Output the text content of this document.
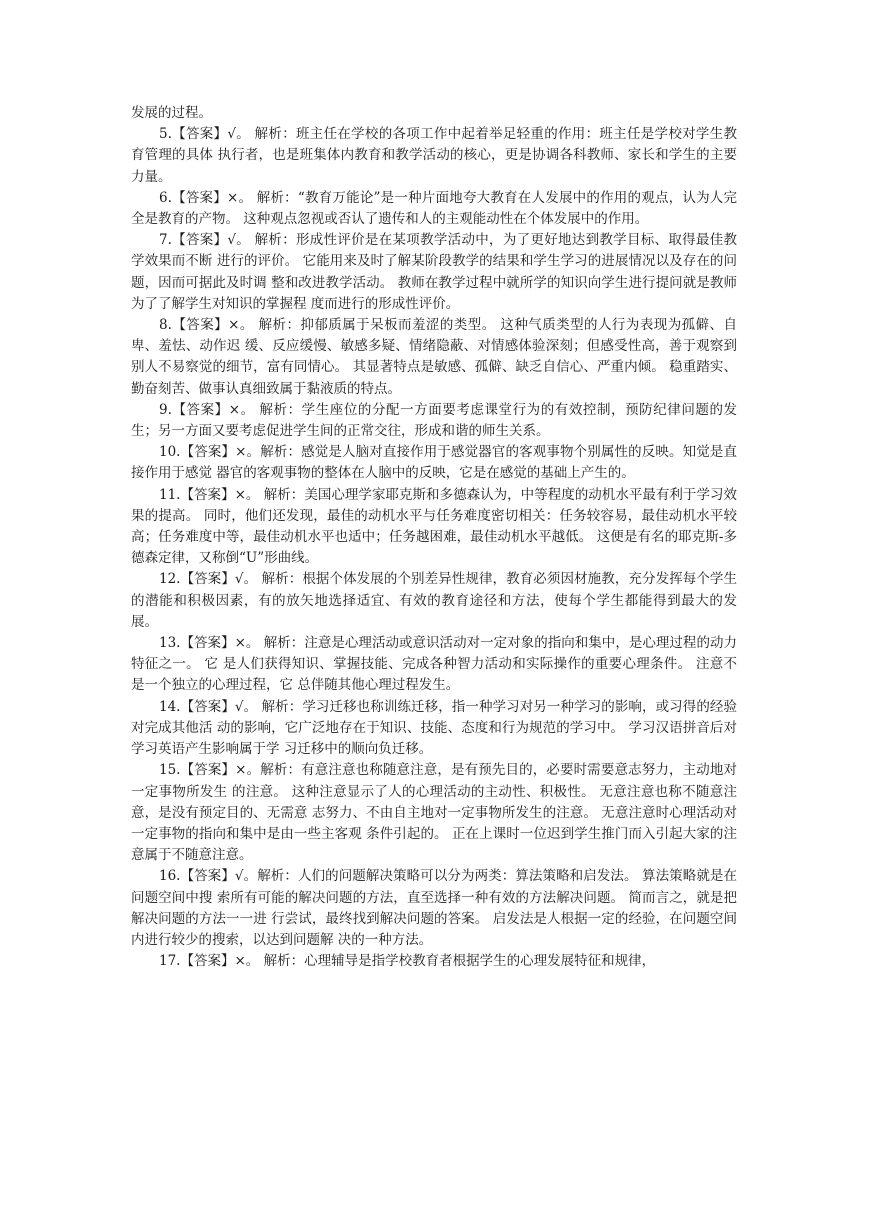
发展的过程。

5.【答案】√。 解析：班主任在学校的各项工作中起着举足轻重的作用：班主任是学校对学生教育管理的具体 执行者，也是班集体内教育和教学活动的核心，更是协调各科教师、家长和学生的主要力量。

6.【答案】×。 解析：“教育万能论”是一种片面地夸大教育在人发展中的作用的观点，认为人完全是教育的产物。 这种观点忽视或否认了遗传和人的主观能动性在个体发展中的作用。

7.【答案】√。 解析：形成性评价是在某项教学活动中，为了更好地达到教学目标、取得最佳教学效果而不断 进行的评价。 它能用来及时了解某阶段教学的结果和学生学习的进展情况以及存在的问题，因而可据此及时调 整和改进教学活动。 教师在教学过程中就所学的知识向学生进行提问就是教师为了了解学生对知识的掌握程 度而进行的形成性评价。

8.【答案】×。 解析：抑郁质属于呆板而羞涩的类型。 这种气质类型的人行为表现为孤僻、自卑、羞怯、动作迟 缓、反应缓慢、敏感多疑、情绪隐蔽、对情感体验深刻；但感受性高，善于观察到别人不易察觉的细节，富有同情心。 其显著特点是敏感、孤僻、缺乏自信心、严重内倾。 稳重踏实、勤奋刻苦、做事认真细致属于黏液质的特点。

9.【答案】×。 解析：学生座位的分配一方面要考虑课堂行为的有效控制，预防纪律问题的发生；另一方面又要考虑促进学生间的正常交往，形成和谐的师生关系。

10.【答案】×。解析：感觉是人脑对直接作用于感觉器官的客观事物个别属性的反映。知觉是直接作用于感觉 器官的客观事物的整体在人脑中的反映，它是在感觉的基础上产生的。

11.【答案】×。 解析：美国心理学家耶克斯和多德森认为，中等程度的动机水平最有利于学习效果的提高。 同时，他们还发现，最佳的动机水平与任务难度密切相关：任务较容易，最佳动机水平较高；任务难度中等，最佳动机水平也适中；任务越困难，最佳动机水平越低。 这便是有名的耶克斯-多德森定律，又称倒“U”形曲线。

12.【答案】√。 解析：根据个体发展的个别差异性规律，教育必须因材施教，充分发挥每个学生的潜能和积极因素，有的放矢地选择适宜、有效的教育途径和方法，使每个学生都能得到最大的发展。

13.【答案】×。 解析：注意是心理活动或意识活动对一定对象的指向和集中，是心理过程的动力特征之一。 它 是人们获得知识、掌握技能、完成各种智力活动和实际操作的重要心理条件。 注意不是一个独立的心理过程，它 总伴随其他心理过程发生。

14.【答案】√。 解析：学习迁移也称训练迁移，指一种学习对另一种学习的影响，或习得的经验对完成其他活 动的影响，它广泛地存在于知识、技能、态度和行为规范的学习中。 学习汉语拼音后对学习英语产生影响属于学 习迁移中的顺向负迁移。

15.【答案】×。解析：有意注意也称随意注意，是有预先目的，必要时需要意志努力，主动地对一定事物所发生 的注意。 这种注意显示了人的心理活动的主动性、积极性。 无意注意也称不随意注意，是没有预定目的、无需意 志努力、不由自主地对一定事物所发生的注意。 无意注意时心理活动对一定事物的指向和集中是由一些主客观 条件引起的。 正在上课时一位迟到学生推门而入引起大家的注意属于不随意注意。

16.【答案】√。解析：人们的问题解决策略可以分为两类：算法策略和启发法。 算法策略就是在问题空间中搜 索所有可能的解决问题的方法，直至选择一种有效的方法解决问题。 简而言之，就是把解决问题的方法一一进 行尝试，最终找到解决问题的答案。 启发法是人根据一定的经验，在问题空间内进行较少的搜索，以达到问题解 决的一种方法。

17.【答案】×。 解析：心理辅导是指学校教育者根据学生的心理发展特征和规律，
